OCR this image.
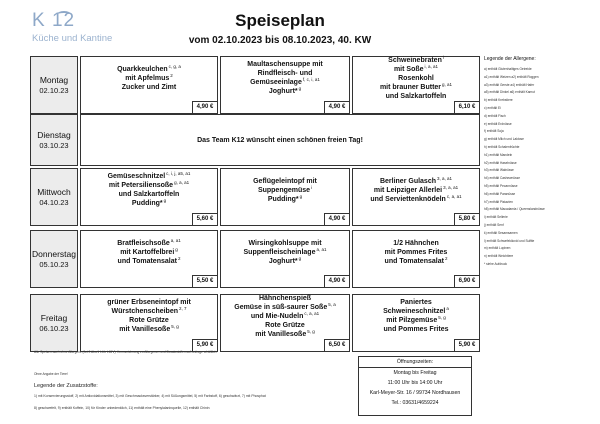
K 12
Küche und Kantine
Speiseplan
vom 02.10.2023 bis 08.10.2023, 40. KW
Montag
02.10.23
Quarkkeulchen$^{c, g, a}$
mit Apfelmus$^2$
Zucker und Zimt
4,90 €
Maultaschensuppe mit
Rindfleisch- und
Gemüseeinlage$^{f, c, i, a1}$
Joghurt*$^g$
4,90 €
Schweinebraten$^i$
mit Soße$^{i, a, a1}$
Rosenkohl
mit brauner Butter$^{g, a1}$
und Salzkartoffeln
6,10 €
Dienstag
03.10.23
Das Team K12 wünscht einen schönen freien Tag!
Mittwoch
04.10.23
Gemüseschnitzel$^{c, i, j, a5, a1}$
mit Petersiliensoße$^{g, a, a1}$
und Salzkartoffeln
Pudding*$^g$
5,60 €
Geflügeleintopf mit
Suppengemüse$^i$
Pudding*$^g$
4,90 €
Berliner Gulasch$^{3, a, a1}$
mit Leipziger Allerlei$^{3, a, a1}$
und Serviettenknödeln$^{c, a, a1}$
5,80 €
Donnerstag
05.10.23
Bratfleischsoße$^{a, a1}$
mit Kartoffelbrei$^g$
und Tomatensalat$^2$
5,50 €
Wirsingkohlsuppe mit
Suppenfleischeinlage$^{a, a1}$
Joghurt*$^g$
4,90 €
1/2 Hähnchen
mit Pommes Frites
und Tomatensalat$^2$
6,90 €
Freitag
06.10.23
grüner Erbseneintopf mit
Würstchenscheiben$^{2, 7}$
Rote Grütze
mit Vanillesoße$^{5, g}$
5,90 €
Hähnchenspieß
Gemüse in süß-saurer Soße$^{5, a}$
und Mie-Nudeln$^{c, a, a1}$
Rote Grütze
mit Vanillesoße$^{5, g}$
6,50 €
Paniertes
Schweineschnitzel$^a$
mit Pilzgemüse$^{5, g}$
und Pommes Frites
5,90 €
Legende der Allergene:
a) enthält Glutenhaltiges Getreide
a1) enthält Weizen a2) enthält Roggen
a3) enthält Gerste a4) enthält Hafer
a5) enthält Dinkel a6) enthält Kamut
b) enthält Krebstiere
c) enthält Ei
d) enthält Fisch
e) enthält Erdnüsse
f) enthält Soja
g) enthält Milch und Laktose
h) enthält Schalenfrüchte
h1) enthält Mandeln
h2) enthält Haselnüsse
h3) enthält Walnüsse
h4) enthält Cashewnüsse
h5) enthält Pecannüsse
h6) enthält Paranüsse
h7) enthält Pistazien
h8) enthält Macadamia / Queenslandnüsse
i) enthält Sellerie
j) enthält Senf
k) enthält Sesamsamen
l) enthält Schwefeldioxid und Sulfite
m) enthält Lupinen
n) enthält Weichtiere
* siehe Aufdruck
Alle Speisen auch ohne Allergene (Art.9 Abs.1 Lit.b LMIV). Kennzeichnung zu Allergenen und Zusatzstoffen auf Anfrage erhältlich.
Ohne Angabe der Tiere!
Legende der Zusatzstoffe:
1) mit Konservierungsstoff, 2) mit Antioxidationsmittel, 3) mit Geschmacksverstärker, 4) mit Süßungsmittel, 5) mit Farbstoff, 6) geschwärzt, 7) mit Phosphat
8) geschwefelt, 9) enthält Koffein, 10) für Kinder unbedenklich, 11) enthält eine Phenylalaninquelle, 12) enthält Chinin
Öffnungszeiten:
Montag bis Freitag
11:00 Uhr bis 14:00 Uhr
Karl-Meyer-Str. 16 / 99734 Nordhausen
Tel.: 03631/4659224
